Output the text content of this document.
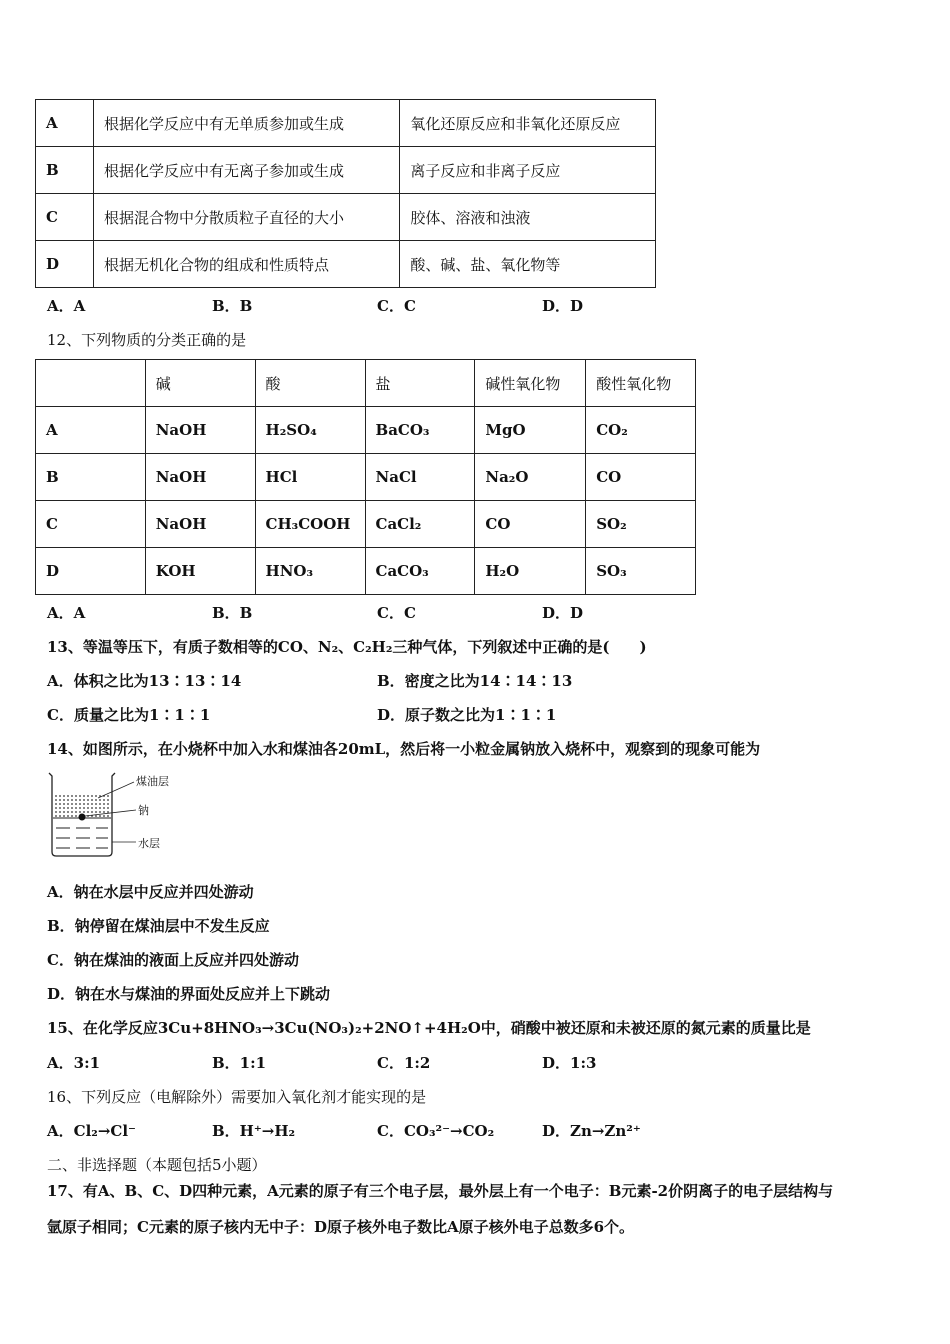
A	根据化学反应中有无单质参加或生成	氧化还原反应和非氧化还原反应
B	根据化学反应中有无离子参加或生成	离子反应和非离子反应
C	根据混合物中分散质粒子直径的大小	胶体、溶液和浊液
D	根据无机化合物的组成和性质特点	酸、碱、盐、氧化物等
A．A	B．B	C．C	D．D
12、下列物质的分类正确的是
	碱	酸	盐	碱性氧化物	酸性氧化物
A	NaOH	H₂SO₄	BaCO₃	MgO	CO₂
B	NaOH	HCl	NaCl	Na₂O	CO
C	NaOH	CH₃COOH	CaCl₂	CO	SO₂
D	KOH	HNO₃	CaCO₃	H₂O	SO₃
A．A	B．B	C．C	D．D
13、等温等压下，有质子数相等的CO、N₂、C₂H₂三种气体，下列叙述中正确的是(　　)
A．体积之比为13∶13∶14	B．密度之比为14∶14∶13
C．质量之比为1∶1∶1	D．原子数之比为1∶1∶1
14、如图所示，在小烧杯中加入水和煤油各20mL，然后将一小粒金属钠放入烧杯中，观察到的现象可能为
煤油层
钠
水层
A．钠在水层中反应并四处游动
B．钠停留在煤油层中不发生反应
C．钠在煤油的液面上反应并四处游动
D．钠在水与煤油的界面处反应并上下跳动
15、在化学反应3Cu+8HNO₃→3Cu(NO₃)₂+2NO↑+4H₂O中，硝酸中被还原和未被还原的氮元素的质量比是
A．3:1	B．1:1	C．1:2	D．1:3
16、下列反应（电解除外）需要加入氧化剂才能实现的是
A．Cl₂→Cl⁻	B．H⁺→H₂	C．CO₃²⁻→CO₂	D．Zn→Zn²⁺
二、非选择题（本题包括5小题）
17、有A、B、C、D四种元素，A元素的原子有三个电子层，最外层上有一个电子：B元素-2价阴离子的电子层结构与
氩原子相同；C元素的原子核内无中子：D原子核外电子数比A原子核外电子总数多6个。
